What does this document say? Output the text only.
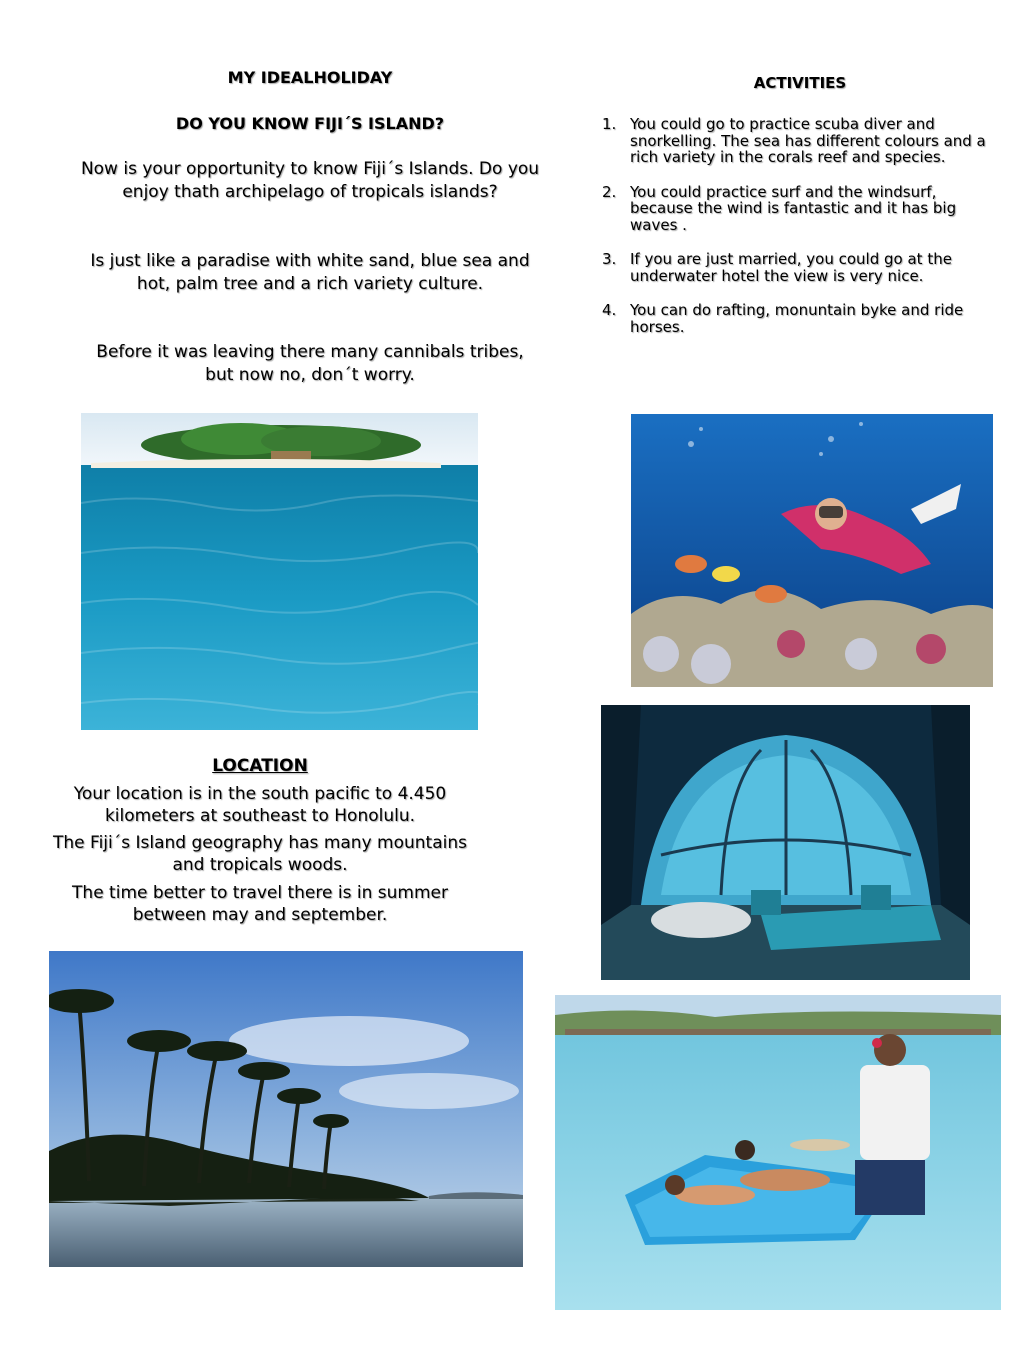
MY IDEALHOLIDAY
DO YOU KNOW FIJI´S ISLAND?
Now is your opportunity to know Fiji´s Islands. Do you enjoy thath archipelago of tropicals islands?
Is just like a paradise with white sand, blue sea and hot, palm tree and a rich variety culture.
Before it was leaving there many cannibals tribes, but now no, don´t worry.
LOCATION
Your location is in the south pacific to 4.450 kilometers at southeast to Honolulu.
The Fiji´s Island geography has many mountains and tropicals woods.
The time better to travel there is in summer between may and september.
ACTIVITIES
1. You could go to practice scuba diver and snorkelling. The sea has different colours and a rich variety in the corals reef and species.
2. You could practice surf and the windsurf, because the wind is fantastic and it has big waves .
3. If you are just married, you could go at the underwater hotel the view is very nice.
4. You can do rafting, monuntain byke and ride horses.
